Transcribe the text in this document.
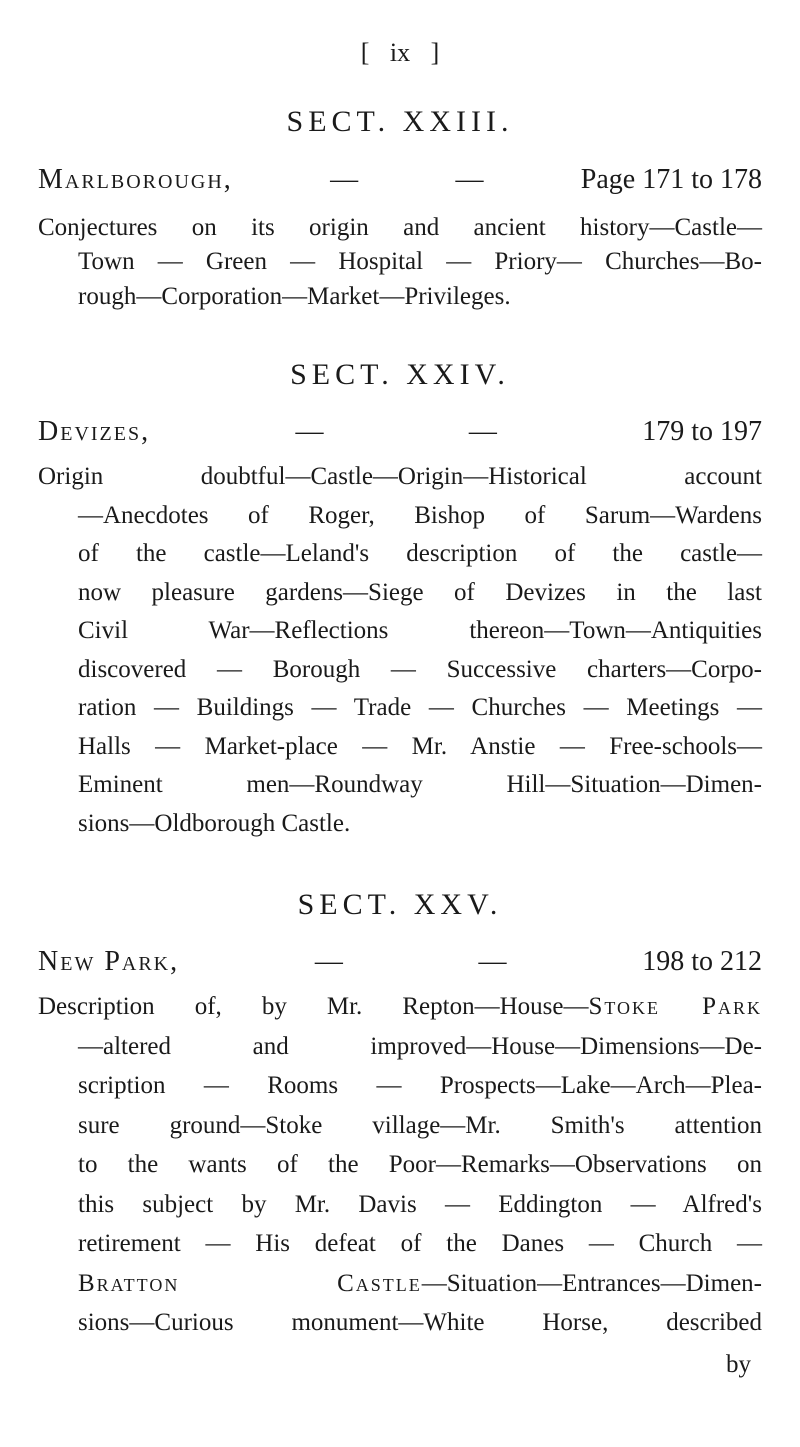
[ ix ]
SECT. XXIII.
Marlborough,	—	—	Page 171 to 178
Conjectures on its origin and ancient history—Castle—
Town — Green — Hospital — Priory— Churches—Bo-
rough—Corporation—Market—Privileges.
SECT. XXIV.
Devizes,	—	—	179 to 197
Origin doubtful—Castle—Origin—Historical account
—Anecdotes of Roger, Bishop of Sarum—Wardens
of the castle—Leland's description of the castle—
now pleasure gardens—Siege of Devizes in the last
Civil War—Reflections thereon—Town—Antiquities
discovered — Borough — Successive charters—Corpo-
ration — Buildings — Trade — Churches — Meetings —
Halls — Market-place — Mr. Anstie — Free-schools—
Eminent men—Roundway Hill—Situation—Dimen-
sions—Oldborough Castle.
SECT. XXV.
New Park,	—	—	198 to 212
Description of, by Mr. Repton—House—Stoke Park
—altered and improved—House—Dimensions—De-
scription — Rooms — Prospects—Lake—Arch—Plea-
sure ground—Stoke village—Mr. Smith's attention
to the wants of the Poor—Remarks—Observations on
this subject by Mr. Davis — Eddington — Alfred's
retirement — His defeat of the Danes — Church —
Bratton Castle—Situation—Entrances—Dimen-
sions—Curious monument—White Horse, described
by
